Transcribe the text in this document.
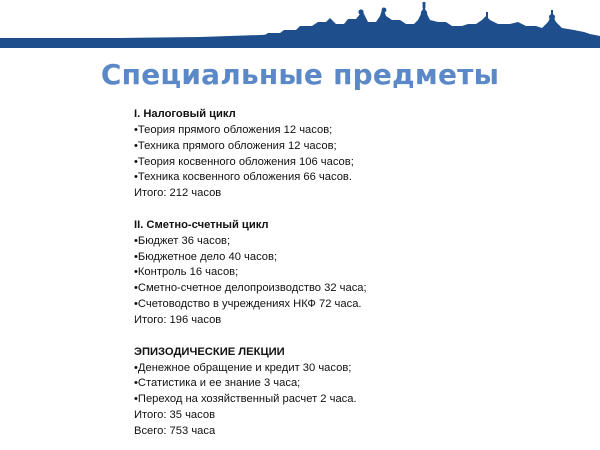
Специальные предметы
I. Налоговый цикл
•Теория прямого обложения 12 часов;
•Техника прямого обложения 12 часов;
•Теория косвенного обложения 106 часов;
•Техника косвенного обложения 66 часов.
Итого: 212 часов
II. Сметно-счетный цикл
•Бюджет 36 часов;
•Бюджетное дело 40 часов;
•Контроль 16 часов;
•Сметно-счетное делопроизводство 32 часа;
•Счетоводство в учреждениях НКФ 72 часа.
Итого: 196 часов
ЭПИЗОДИЧЕСКИЕ ЛЕКЦИИ
•Денежное обращение и кредит 30 часов;
•Статистика и ее знание 3 часа;
•Переход на хозяйственный расчет 2 часа.
Итого: 35 часов
Всего: 753 часа
